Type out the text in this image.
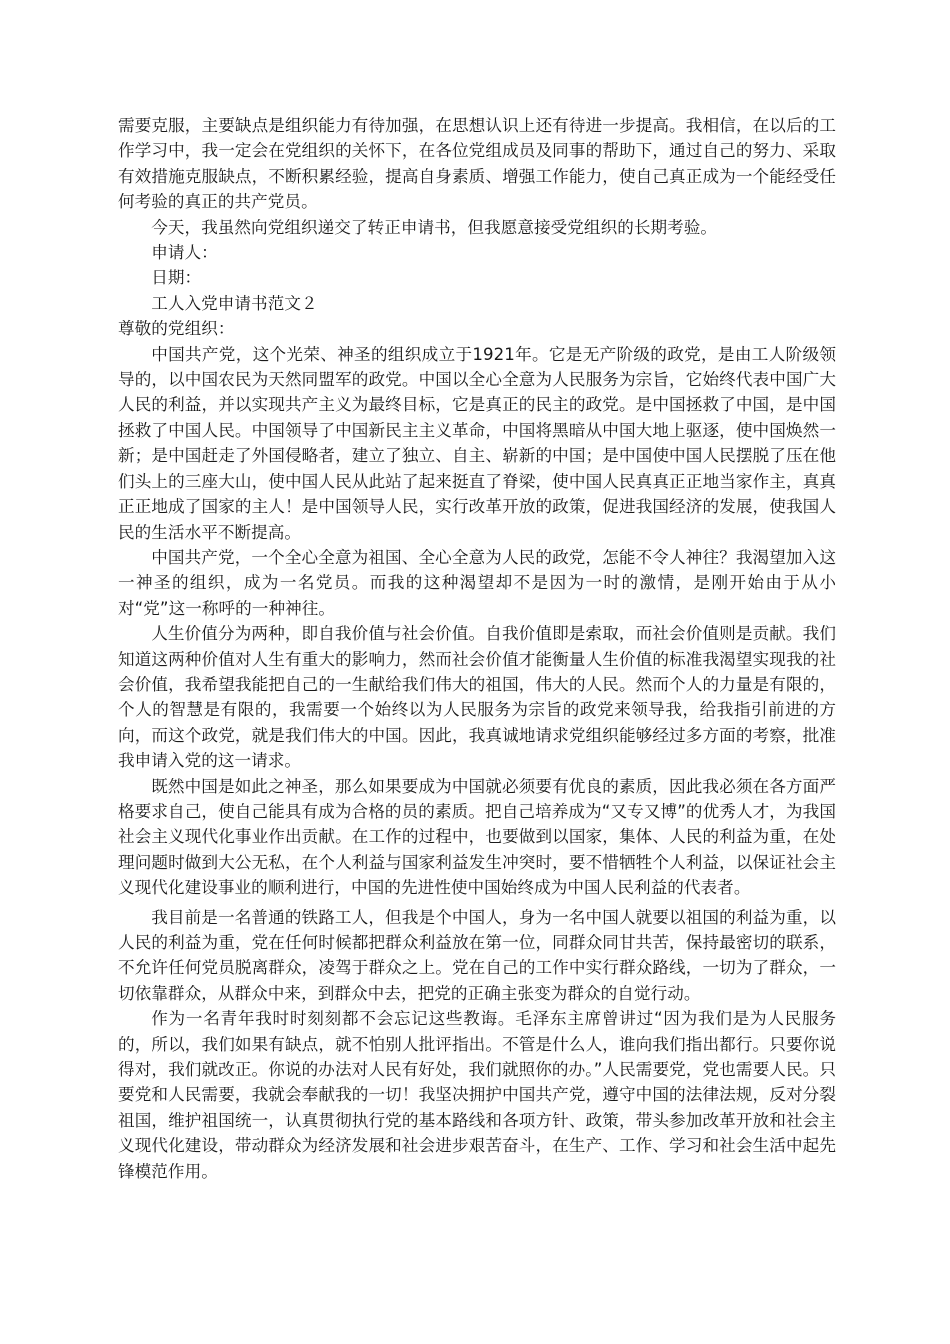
需要克服，主要缺点是组织能力有待加强，在思想认识上还有待进一步提高。我相信，在以后的工作学习中，我一定会在党组织的关怀下，在各位党组成员及同事的帮助下，通过自己的努力、采取有效措施克服缺点，不断积累经验，提高自身素质、增强工作能力，使自己真正成为一个能经受任何考验的真正的共产党员。

今天，我虽然向党组织递交了转正申请书，但我愿意接受党组织的长期考验。

申请人：

日期：

工人入党申请书范文２

尊敬的党组织：

中国共产党，这个光荣、神圣的组织成立于1921年。它是无产阶级的政党，是由工人阶级领导的，以中国农民为天然同盟军的政党。中国以全心全意为人民服务为宗旨，它始终代表中国广大人民的利益，并以实现共产主义为最终目标，它是真正的民主的政党。是中国拯救了中国，是中国拯救了中国人民。中国领导了中国新民主主义革命，中国将黑暗从中国大地上驱逐，使中国焕然一新；是中国赶走了外国侵略者，建立了独立、自主、崭新的中国；是中国使中国人民摆脱了压在他们头上的三座大山，使中国人民从此站了起来挺直了脊梁，使中国人民真真正正地当家作主，真真正正地成了国家的主人！是中国领导人民，实行改革开放的政策，促进我国经济的发展，使我国人民的生活水平不断提高。

中国共产党，一个全心全意为祖国、全心全意为人民的政党，怎能不令人神往？我渴望加入这一神圣的组织，成为一名党员。而我的这种渴望却不是因为一时的激情，是刚开始由于从小对“党”这一称呼的一种神往。

人生价值分为两种，即自我价值与社会价值。自我价值即是索取，而社会价值则是贡献。我们知道这两种价值对人生有重大的影响力，然而社会价值才能衡量人生价值的标准我渴望实现我的社会价值，我希望我能把自己的一生献给我们伟大的祖国，伟大的人民。然而个人的力量是有限的，个人的智慧是有限的，我需要一个始终以为人民服务为宗旨的政党来领导我，给我指引前进的方向，而这个政党，就是我们伟大的中国。因此，我真诚地请求党组织能够经过多方面的考察，批准我申请入党的这一请求。

既然中国是如此之神圣，那么如果要成为中国就必须要有优良的素质，因此我必须在各方面严格要求自己，使自己能具有成为合格的员的素质。把自己培养成为“又专又博”的优秀人才，为我国社会主义现代化事业作出贡献。在工作的过程中，也要做到以国家，集体、人民的利益为重，在处理问题时做到大公无私，在个人利益与国家利益发生冲突时，要不惜牺牲个人利益，以保证社会主义现代化建设事业的顺利进行，中国的先进性使中国始终成为中国人民利益的代表者。

我目前是一名普通的铁路工人，但我是个中国人，身为一名中国人就要以祖国的利益为重，以人民的利益为重，党在任何时候都把群众利益放在第一位，同群众同甘共苦，保持最密切的联系，不允许任何党员脱离群众，凌驾于群众之上。党在自己的工作中实行群众路线，一切为了群众，一切依靠群众，从群众中来，到群众中去，把党的正确主张变为群众的自觉行动。

作为一名青年我时时刻刻都不会忘记这些教诲。毛泽东主席曾讲过“因为我们是为人民服务的，所以，我们如果有缺点，就不怕别人批评指出。不管是什么人，谁向我们指出都行。只要你说得对，我们就改正。你说的办法对人民有好处，我们就照你的办。”人民需要党，党也需要人民。只要党和人民需要，我就会奉献我的一切！我坚决拥护中国共产党，遵守中国的法律法规，反对分裂祖国，维护祖国统一，认真贯彻执行党的基本路线和各项方针、政策，带头参加改革开放和社会主义现代化建设，带动群众为经济发展和社会进步艰苦奋斗，在生产、工作、学习和社会生活中起先锋模范作用。
